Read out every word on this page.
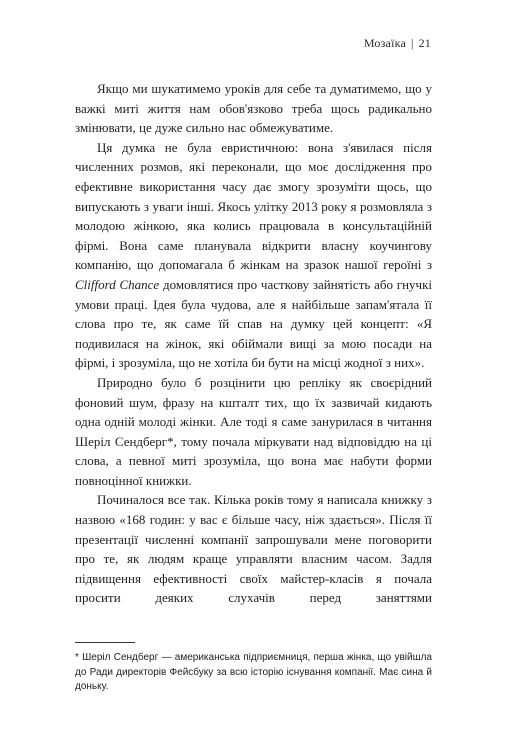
Мозаїка | 21

Якщо ми шукатимемо уроків для себе та думатимемо, що у важкі миті життя нам обов'язково треба щось радикально змінювати, це дуже сильно нас обмежуватиме.

Ця думка не була евристичною: вона з'явилася після численних розмов, які переконали, що моє дослідження про ефективне використання часу дає змогу зрозуміти щось, що випускають з уваги інші. Якось улітку 2013 року я розмовляла з молодою жінкою, яка колись працювала в консультаційній фірмі. Вона саме планувала відкрити власну коучингову компанію, що допомагала б жінкам на зразок нашої героїні з Clifford Chance домовлятися про часткову зайнятість або гнучкі умови праці. Ідея була чудова, але я найбільше запам'ятала її слова про те, як саме їй спав на думку цей концепт: «Я подивилася на жінок, які обіймали вищі за мою посади на фірмі, і зрозуміла, що не хотіла би бути на місці жодної з них».

Природно було б розцінити цю репліку як своєрідний фоновий шум, фразу на кшталт тих, що їх зазвичай кидають одна одній молоді жінки. Але тоді я саме занурилася в читання Шеріл Сендберг*, тому почала міркувати над відповіддю на ці слова, а певної миті зрозуміла, що вона має набути форми повноцінної книжки.

Починалося все так. Кілька років тому я написала книжку з назвою «168 годин: у вас є більше часу, ніж здається». Після її презентації численні компанії запрошували мене поговорити про те, як людям краще управляти власним часом. Задля підвищення ефективності своїх майстер-класів я почала просити деяких слухачів перед заняттями

* Шеріл Сендберг — американська підприємниця, перша жінка, що увійшла до Ради директорів Фейсбуку за всю історію існування компанії. Має сина й доньку.
